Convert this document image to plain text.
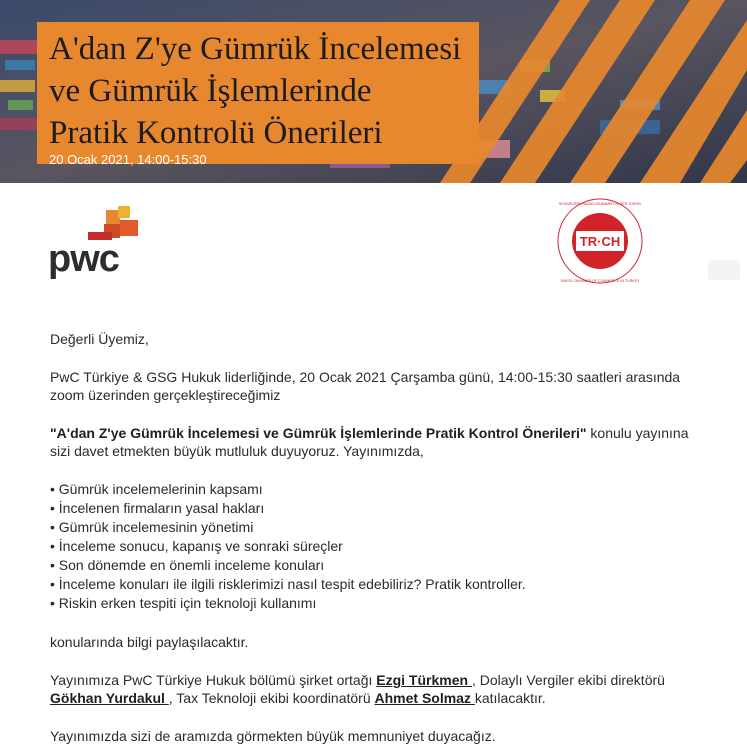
A'dan Z'ye Gümrük İncelemesi
ve Gümrük İşlemlerinde
Pratik Kontrolü Önerileri
20 Ocak 2021, 14:00-15:30
pwc	TR·CH
SCHWEIZER HANDELSKAMMER IN DER TÜRKEI
SWISS CHAMBER OF COMMERCE IN TURKEY

Değerli Üyemiz,

PwC Türkiye & GSG Hukuk liderliğinde, 20 Ocak 2021 Çarşamba günü, 14:00-15:30 saatleri arasında zoom üzerinden gerçekleştireceğimiz

"A'dan Z'ye Gümrük İncelemesi ve Gümrük İşlemlerinde Pratik Kontrol Önerileri" konulu yayınına sizi davet etmekten büyük mutluluk duyuyoruz. Yayınımızda,

• Gümrük incelemelerinin kapsamı
• İncelenen firmaların yasal hakları
• Gümrük incelemesinin yönetimi
• İnceleme sonucu, kapanış ve sonraki süreçler
• Son dönemde en önemli inceleme konuları
• İnceleme konuları ile ilgili risklerimizi nasıl tespit edebiliriz? Pratik kontroller.
• Riskin erken tespiti için teknoloji kullanımı

konularında bilgi paylaşılacaktır.

Yayınımıza PwC Türkiye Hukuk bölümü şirket ortağı Ezgi Türkmen , Dolaylı Vergiler ekibi direktörü Gökhan Yurdakul , Tax Teknoloji ekibi koordinatörü Ahmet Solmaz katılacaktır.

Yayınımızda sizi de aramızda görmekten büyük memnuniyet duyacağız.
